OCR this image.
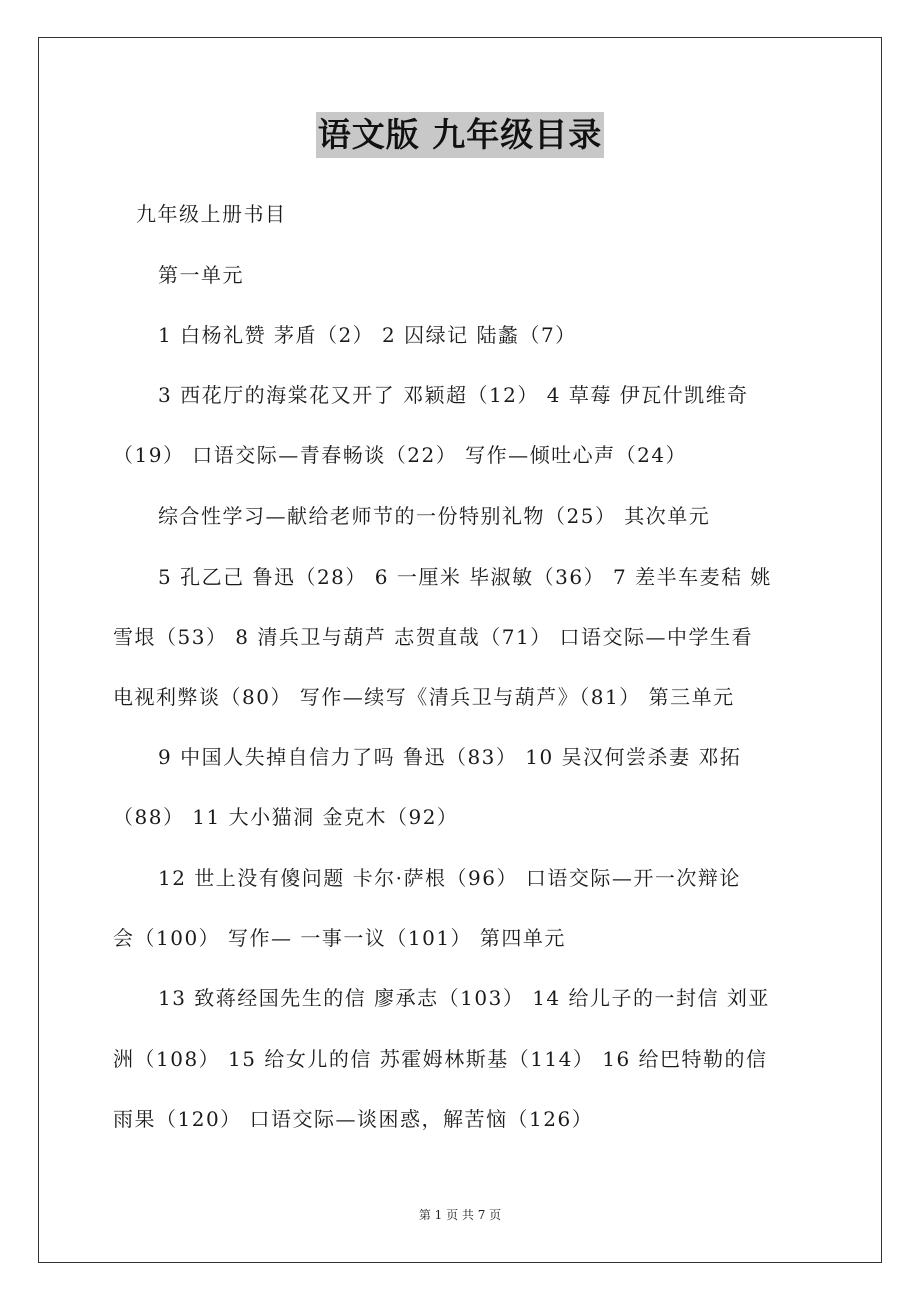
语文版 九年级目录
九年级上册书目
第一单元
1 白杨礼赞 茅盾（2） 2 囚绿记 陆蠡（7）
3 西花厅的海棠花又开了 邓颖超（12） 4 草莓 伊瓦什凯维奇
（19） 口语交际—青春畅谈（22） 写作—倾吐心声（24）
综合性学习—献给老师节的一份特别礼物（25） 其次单元
5 孔乙己 鲁迅（28） 6 一厘米 毕淑敏（36） 7 差半车麦秸 姚
雪垠（53） 8 清兵卫与葫芦 志贺直哉（71） 口语交际—中学生看
电视利弊谈（80） 写作—续写《清兵卫与葫芦》（81） 第三单元
9 中国人失掉自信力了吗 鲁迅（83） 10 吴汉何尝杀妻 邓拓
（88） 11 大小猫洞 金克木（92）
12 世上没有傻问题 卡尔·萨根（96） 口语交际—开一次辩论
会（100） 写作— 一事一议（101） 第四单元
13 致蒋经国先生的信 廖承志（103） 14 给儿子的一封信 刘亚
洲（108） 15 给女儿的信 苏霍姆林斯基（114） 16 给巴特勒的信
雨果（120） 口语交际—谈困惑，解苦恼（126）
第 1 页 共 7 页
